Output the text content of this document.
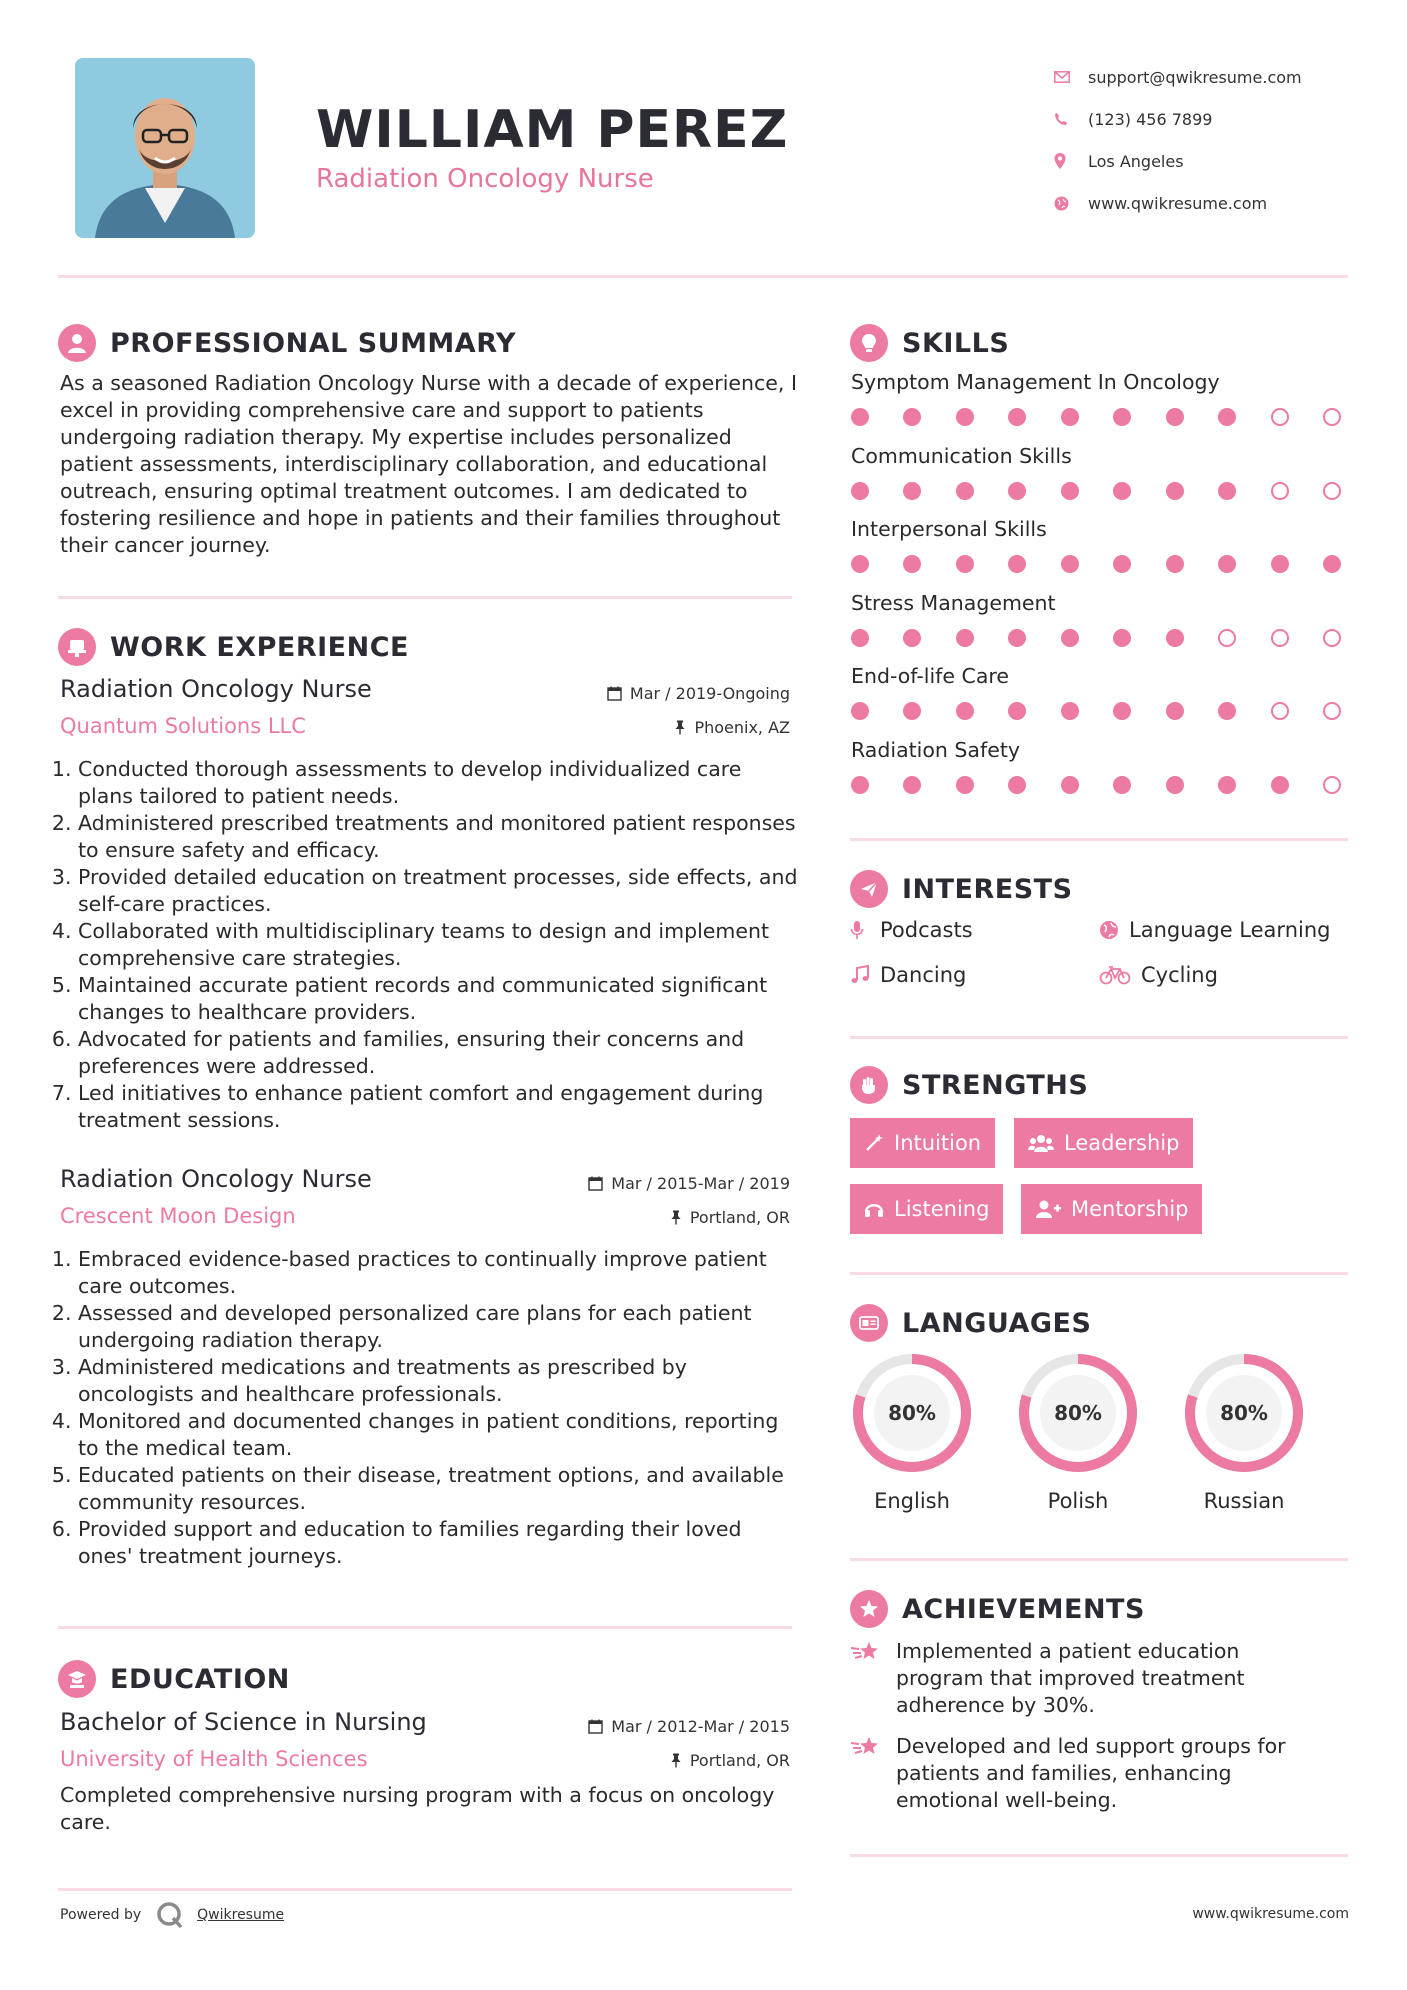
WILLIAM PEREZ
Radiation Oncology Nurse
support@qwikresume.com
(123) 456 7899
Los Angeles
www.qwikresume.com
PROFESSIONAL SUMMARY
As a seasoned Radiation Oncology Nurse with a decade of experience, I excel in providing comprehensive care and support to patients undergoing radiation therapy. My expertise includes personalized patient assessments, interdisciplinary collaboration, and educational outreach, ensuring optimal treatment outcomes. I am dedicated to fostering resilience and hope in patients and their families throughout their cancer journey.
WORK EXPERIENCE
Radiation Oncology Nurse	Mar / 2019-Ongoing
Quantum Solutions LLC	Phoenix, AZ
1. Conducted thorough assessments to develop individualized care plans tailored to patient needs.
2. Administered prescribed treatments and monitored patient responses to ensure safety and efficacy.
3. Provided detailed education on treatment processes, side effects, and self-care practices.
4. Collaborated with multidisciplinary teams to design and implement comprehensive care strategies.
5. Maintained accurate patient records and communicated significant changes to healthcare providers.
6. Advocated for patients and families, ensuring their concerns and preferences were addressed.
7. Led initiatives to enhance patient comfort and engagement during treatment sessions.
Radiation Oncology Nurse	Mar / 2015-Mar / 2019
Crescent Moon Design	Portland, OR
1. Embraced evidence-based practices to continually improve patient care outcomes.
2. Assessed and developed personalized care plans for each patient undergoing radiation therapy.
3. Administered medications and treatments as prescribed by oncologists and healthcare professionals.
4. Monitored and documented changes in patient conditions, reporting to the medical team.
5. Educated patients on their disease, treatment options, and available community resources.
6. Provided support and education to families regarding their loved ones' treatment journeys.
EDUCATION
Bachelor of Science in Nursing	Mar / 2012-Mar / 2015
University of Health Sciences	Portland, OR
Completed comprehensive nursing program with a focus on oncology care.
SKILLS
Symptom Management In Oncology
Communication Skills
Interpersonal Skills
Stress Management
End-of-life Care
Radiation Safety
INTERESTS
Podcasts	Language Learning
Dancing	Cycling
STRENGTHS
Intuition	Leadership
Listening	Mentorship
LANGUAGES
80%
English
80%
Polish
80%
Russian
ACHIEVEMENTS
Implemented a patient education program that improved treatment adherence by 30%.
Developed and led support groups for patients and families, enhancing emotional well-being.
Powered by	Qwikresume	www.qwikresume.com
